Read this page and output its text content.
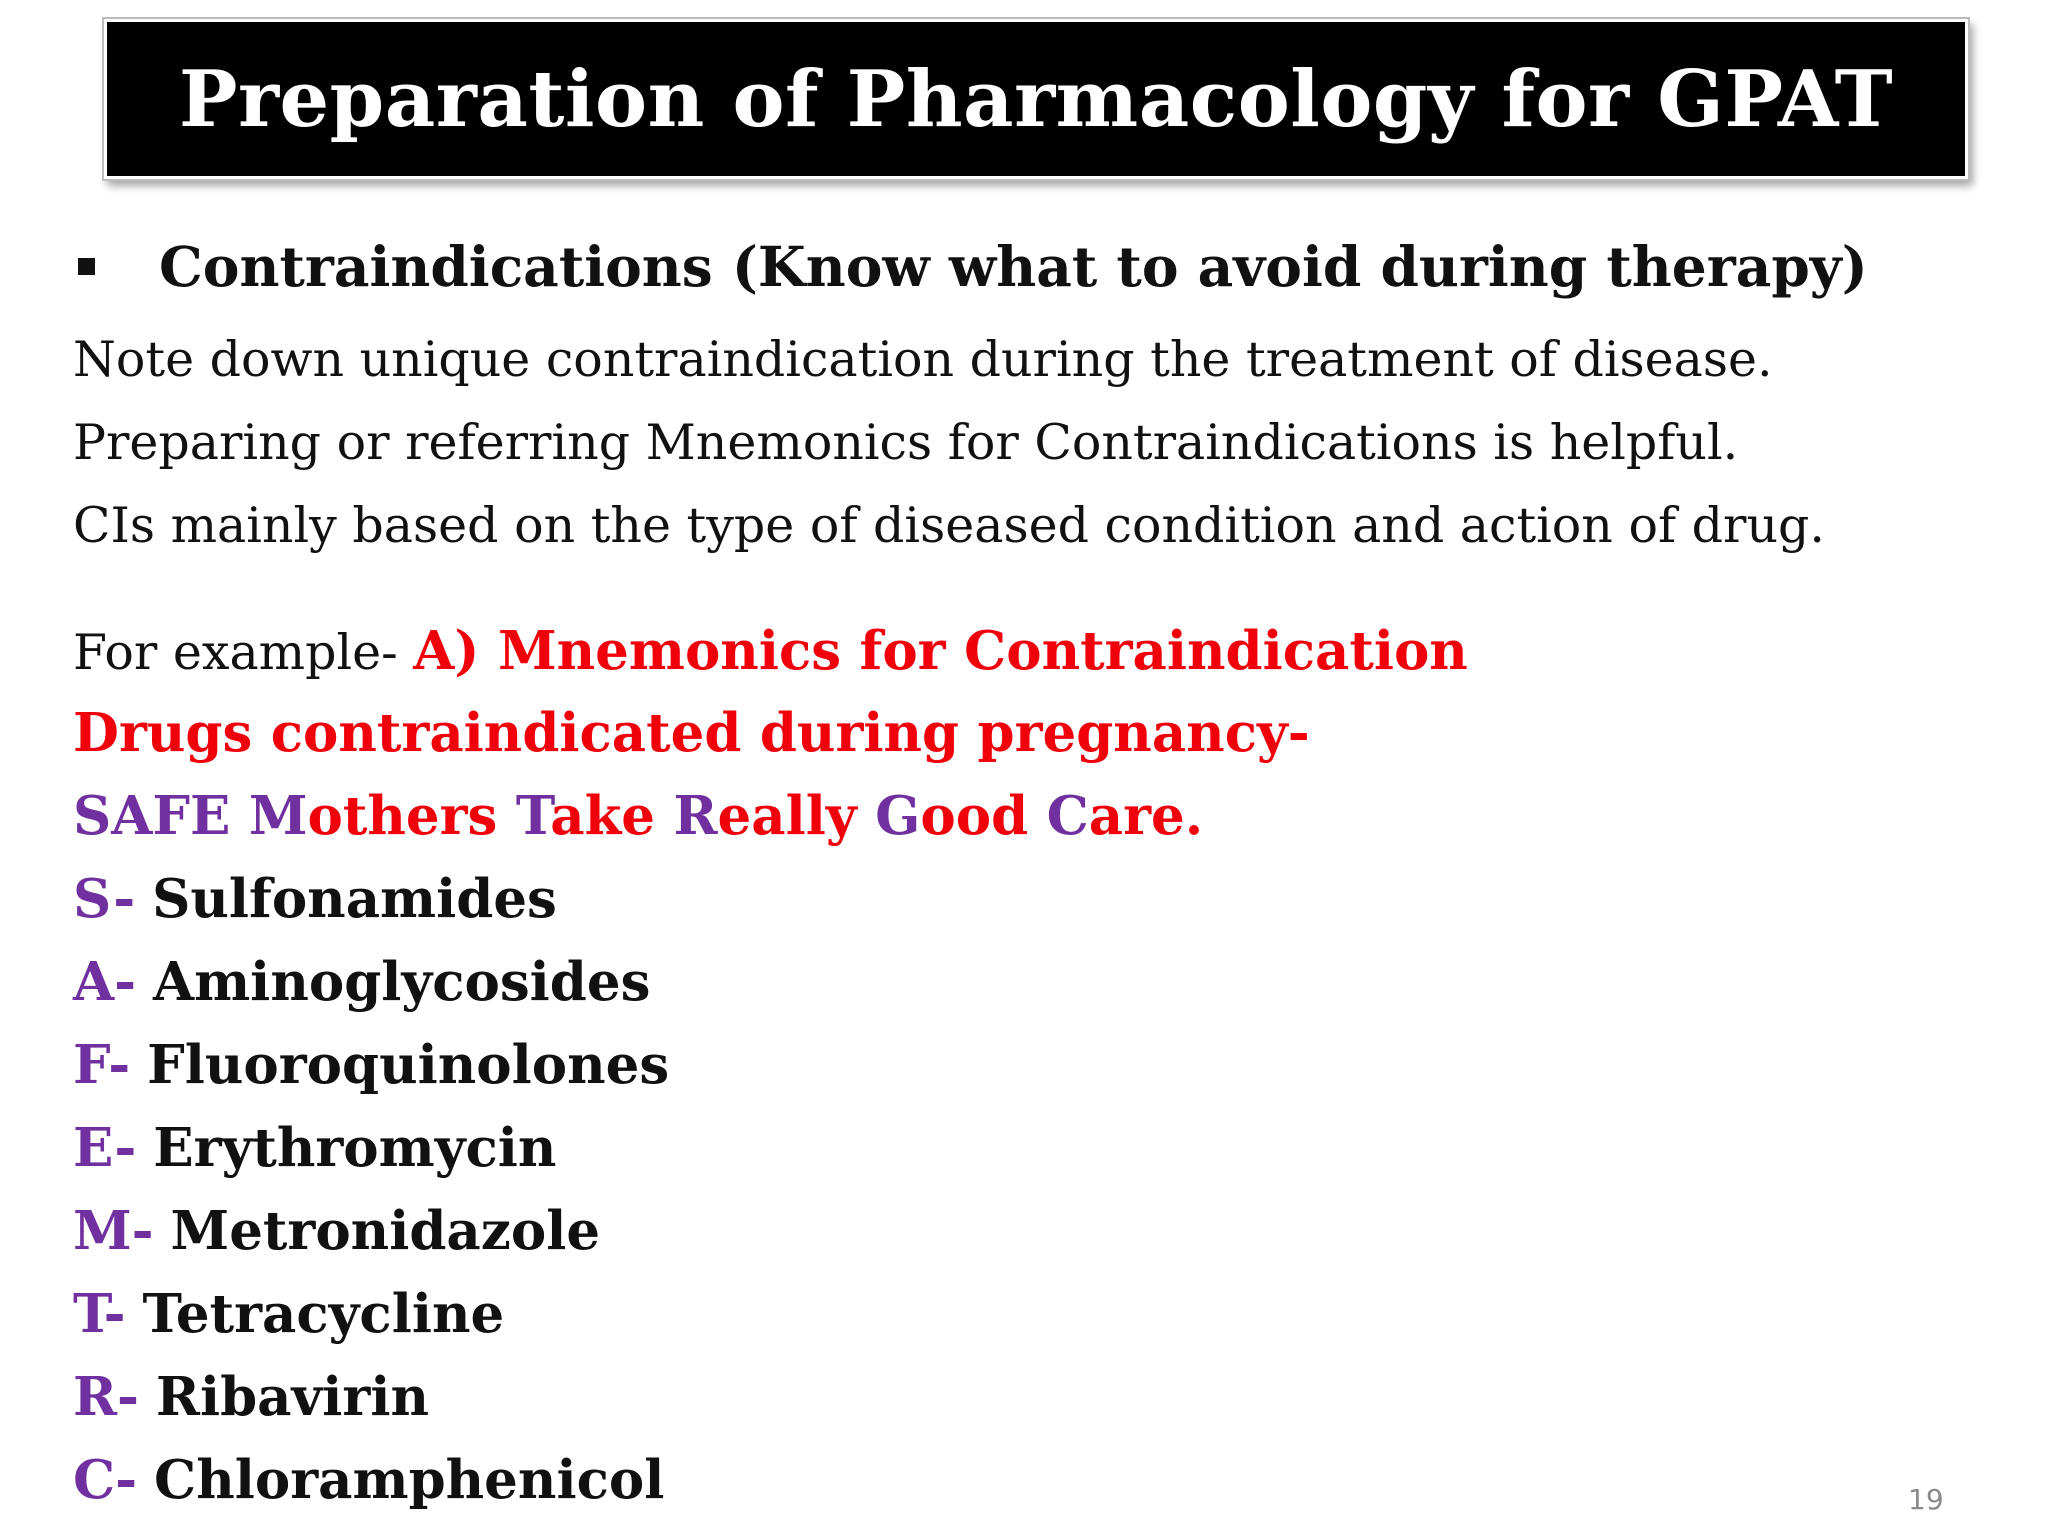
Preparation of Pharmacology for GPAT
Contraindications (Know what to avoid during therapy)
Note down unique contraindication during the treatment of disease.
Preparing or referring Mnemonics for Contraindications is helpful.
CIs mainly based on the type of diseased condition and action of drug.
For example- A) Mnemonics for Contraindication
Drugs contraindicated during pregnancy-
SAFE Mothers Take Really Good Care.
S- Sulfonamides
A- Aminoglycosides
F- Fluoroquinolones
E- Erythromycin
M- Metronidazole
T- Tetracycline
R- Ribavirin
C- Chloramphenicol	19
